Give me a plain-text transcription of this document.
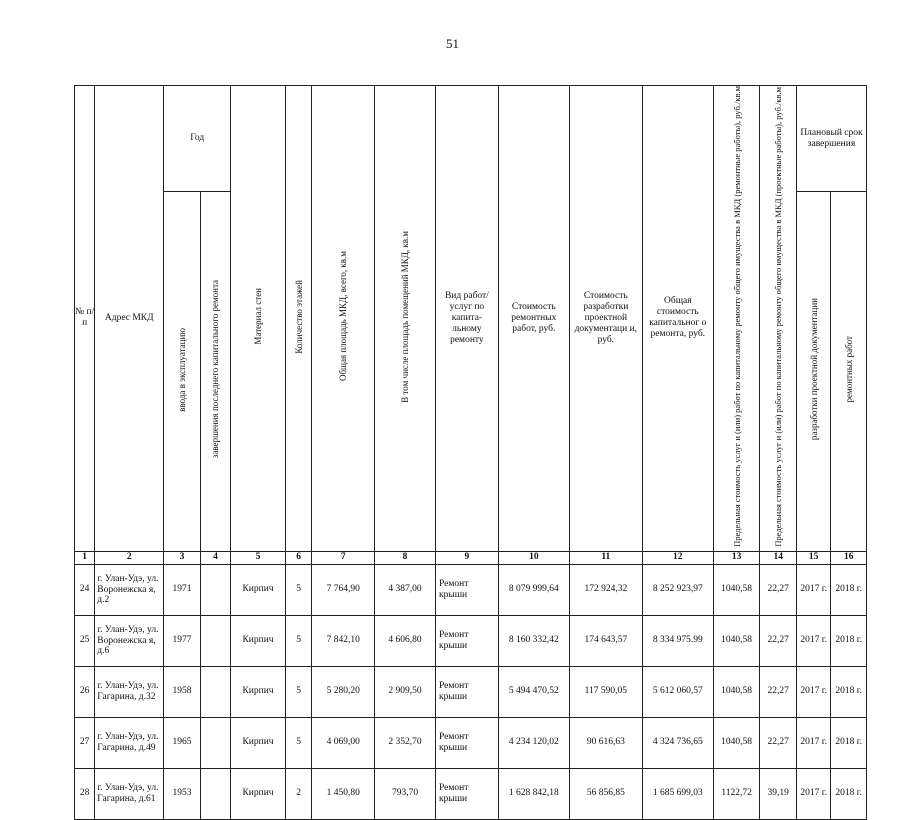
51
№ п/ п	Адрес МКД	Год		Материал стен	Количество этажей	Общая площадь МКД, всего, кв.м	В том числе площадь помещений МКД, кв.м	Вид работ/ услуг по капита- льному ремонту	Стоимость ремонтных работ, руб.	Стоимость разработки проектной документаци и, руб.	Общая стоимость капитальног о ремонта, руб.	Предельная стоимость услуг и (или) работ по капитальному ремонту общего имущества в МКД (ремонтные работы), руб./кв.м	Предельная стоимость услуг и (или) работ по капитальному ремонту общего имущества в МКД (проектные работы), руб./кв.м	Плановый срок завершения	
		ввода в эксплуатацию	завершения последнего капитального ремонта											разработки проектной документации	ремонтных работ
1	2	3	4	5	6	7	8	9	10	11	12	13	14	15	16
24	г. Улан-Удэ, ул. Воронежска я, д.2	1971		Кирпич	5	7 764,90	4 387,00	Ремонт крыши	8 079 999,64	172 924,32	8 252 923,97	1040,58	22,27	2017 г.	2018 г.
25	г. Улан-Удэ, ул. Воронежска я, д.6	1977		Кирпич	5	7 842,10	4 606,80	Ремонт крыши	8 160 332,42	174 643,57	8 334 975.99	1040,58	22,27	2017 г.	2018 г.
26	г. Улан-Удэ, ул. Гагарина, д.32	1958		Кирпич	5	5 280,20	2 909,50	Ремонт крыши	5 494 470,52	117 590,05	5 612 060,57	1040,58	22,27	2017 г.	2018 г.
27	г. Улан-Удэ, ул. Гагарина, д.49	1965		Кирпич	5	4 069,00	2 352,70	Ремонт крыши	4 234 120,02	90 616,63	4 324 736,65	1040,58	22,27	2017 г.	2018 г.
28	г. Улан-Удэ, ул. Гагарина, д.61	1953		Кирпич	2	1 450,80	793,70	Ремонт крыши	1 628 842,18	56 856,85	1 685 699,03	1122,72	39,19	2017 г.	2018 г.
